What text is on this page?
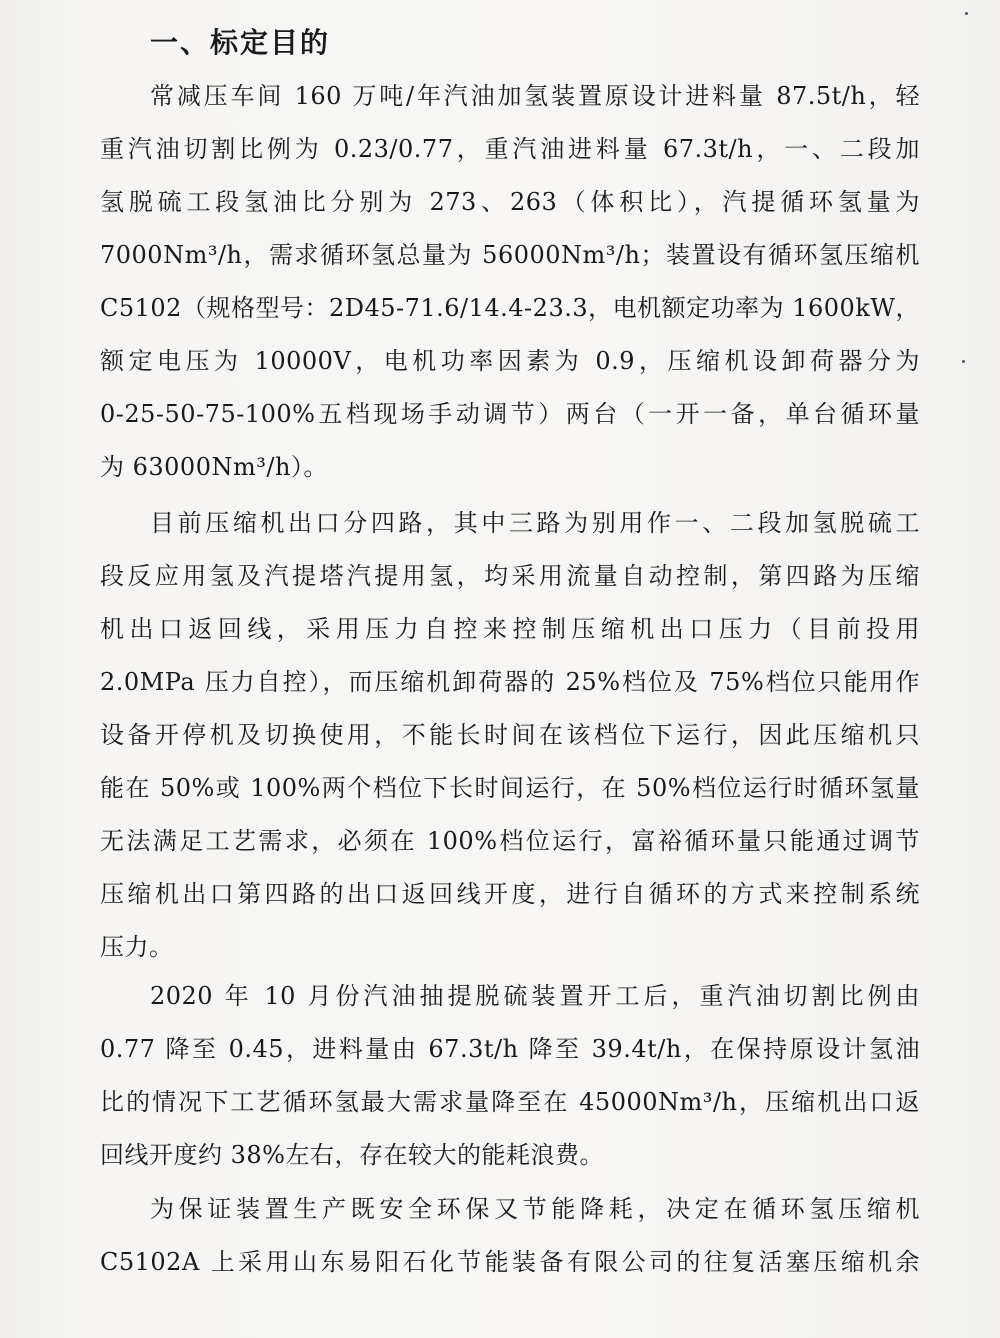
一、标定目的
常减压车间 160 万吨/年汽油加氢装置原设计进料量 87.5t/h，轻
重汽油切割比例为 0.23/0.77，重汽油进料量 67.3t/h，一、二段加
氢脱硫工段氢油比分别为 273、263（体积比），汽提循环氢量为
7000Nm³/h，需求循环氢总量为 56000Nm³/h；装置设有循环氢压缩机
C5102（规格型号：2D45-71.6/14.4-23.3，电机额定功率为 1600kW，
额定电压为 10000V，电机功率因素为 0.9，压缩机设卸荷器分为
0-25-50-75-100%五档现场手动调节）两台（一开一备，单台循环量
为 63000Nm³/h）。
目前压缩机出口分四路，其中三路为别用作一、二段加氢脱硫工
段反应用氢及汽提塔汽提用氢，均采用流量自动控制，第四路为压缩
机出口返回线，采用压力自控来控制压缩机出口压力（目前投用
2.0MPa 压力自控），而压缩机卸荷器的 25%档位及 75%档位只能用作
设备开停机及切换使用，不能长时间在该档位下运行，因此压缩机只
能在 50%或 100%两个档位下长时间运行，在 50%档位运行时循环氢量
无法满足工艺需求，必须在 100%档位运行，富裕循环量只能通过调节
压缩机出口第四路的出口返回线开度，进行自循环的方式来控制系统
压力。
2020 年 10 月份汽油抽提脱硫装置开工后，重汽油切割比例由
0.77 降至 0.45，进料量由 67.3t/h 降至 39.4t/h，在保持原设计氢油
比的情况下工艺循环氢最大需求量降至在 45000Nm³/h，压缩机出口返
回线开度约 38%左右，存在较大的能耗浪费。
为保证装置生产既安全环保又节能降耗，决定在循环氢压缩机
C5102A 上采用山东易阳石化节能装备有限公司的往复活塞压缩机余
